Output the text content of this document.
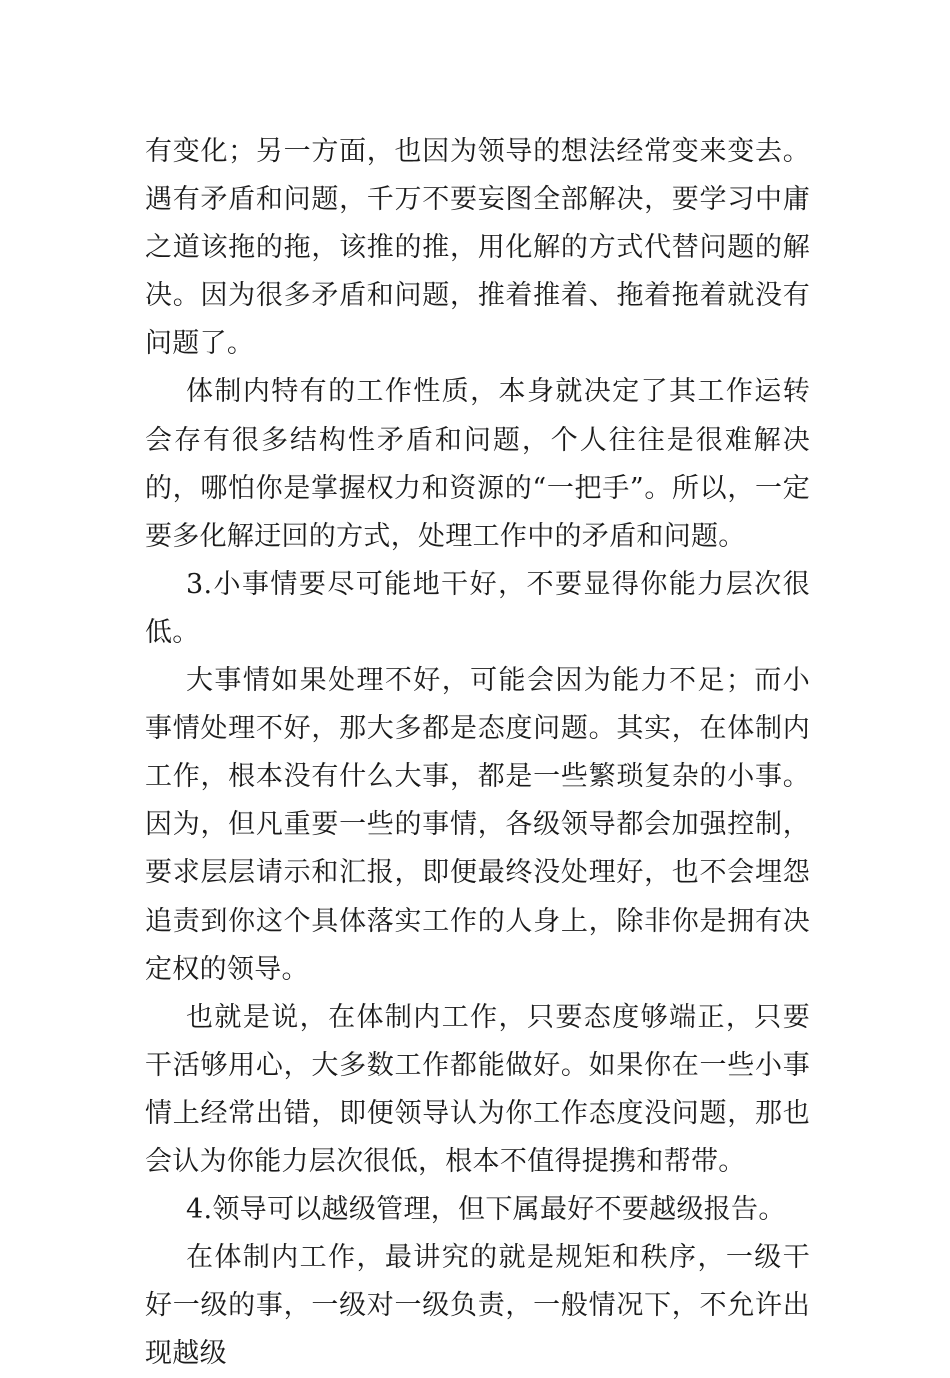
有变化；另一方面，也因为领导的想法经常变来变去。遇有矛盾和问题，千万不要妄图全部解决，要学习中庸之道该拖的拖，该推的推，用化解的方式代替问题的解决。因为很多矛盾和问题，推着推着、拖着拖着就没有问题了。

体制内特有的工作性质，本身就决定了其工作运转会存有很多结构性矛盾和问题，个人往往是很难解决的，哪怕你是掌握权力和资源的“一把手”。所以，一定要多化解迂回的方式，处理工作中的矛盾和问题。

3.小事情要尽可能地干好，不要显得你能力层次很低。

大事情如果处理不好，可能会因为能力不足；而小事情处理不好，那大多都是态度问题。其实，在体制内工作，根本没有什么大事，都是一些繁琐复杂的小事。因为，但凡重要一些的事情，各级领导都会加强控制，要求层层请示和汇报，即便最终没处理好，也不会埋怨追责到你这个具体落实工作的人身上，除非你是拥有决定权的领导。

也就是说，在体制内工作，只要态度够端正，只要干活够用心，大多数工作都能做好。如果你在一些小事情上经常出错，即便领导认为你工作态度没问题，那也会认为你能力层次很低，根本不值得提携和帮带。

4.领导可以越级管理，但下属最好不要越级报告。

在体制内工作，最讲究的就是规矩和秩序，一级干好一级的事，一级对一级负责，一般情况下，不允许出现越级
